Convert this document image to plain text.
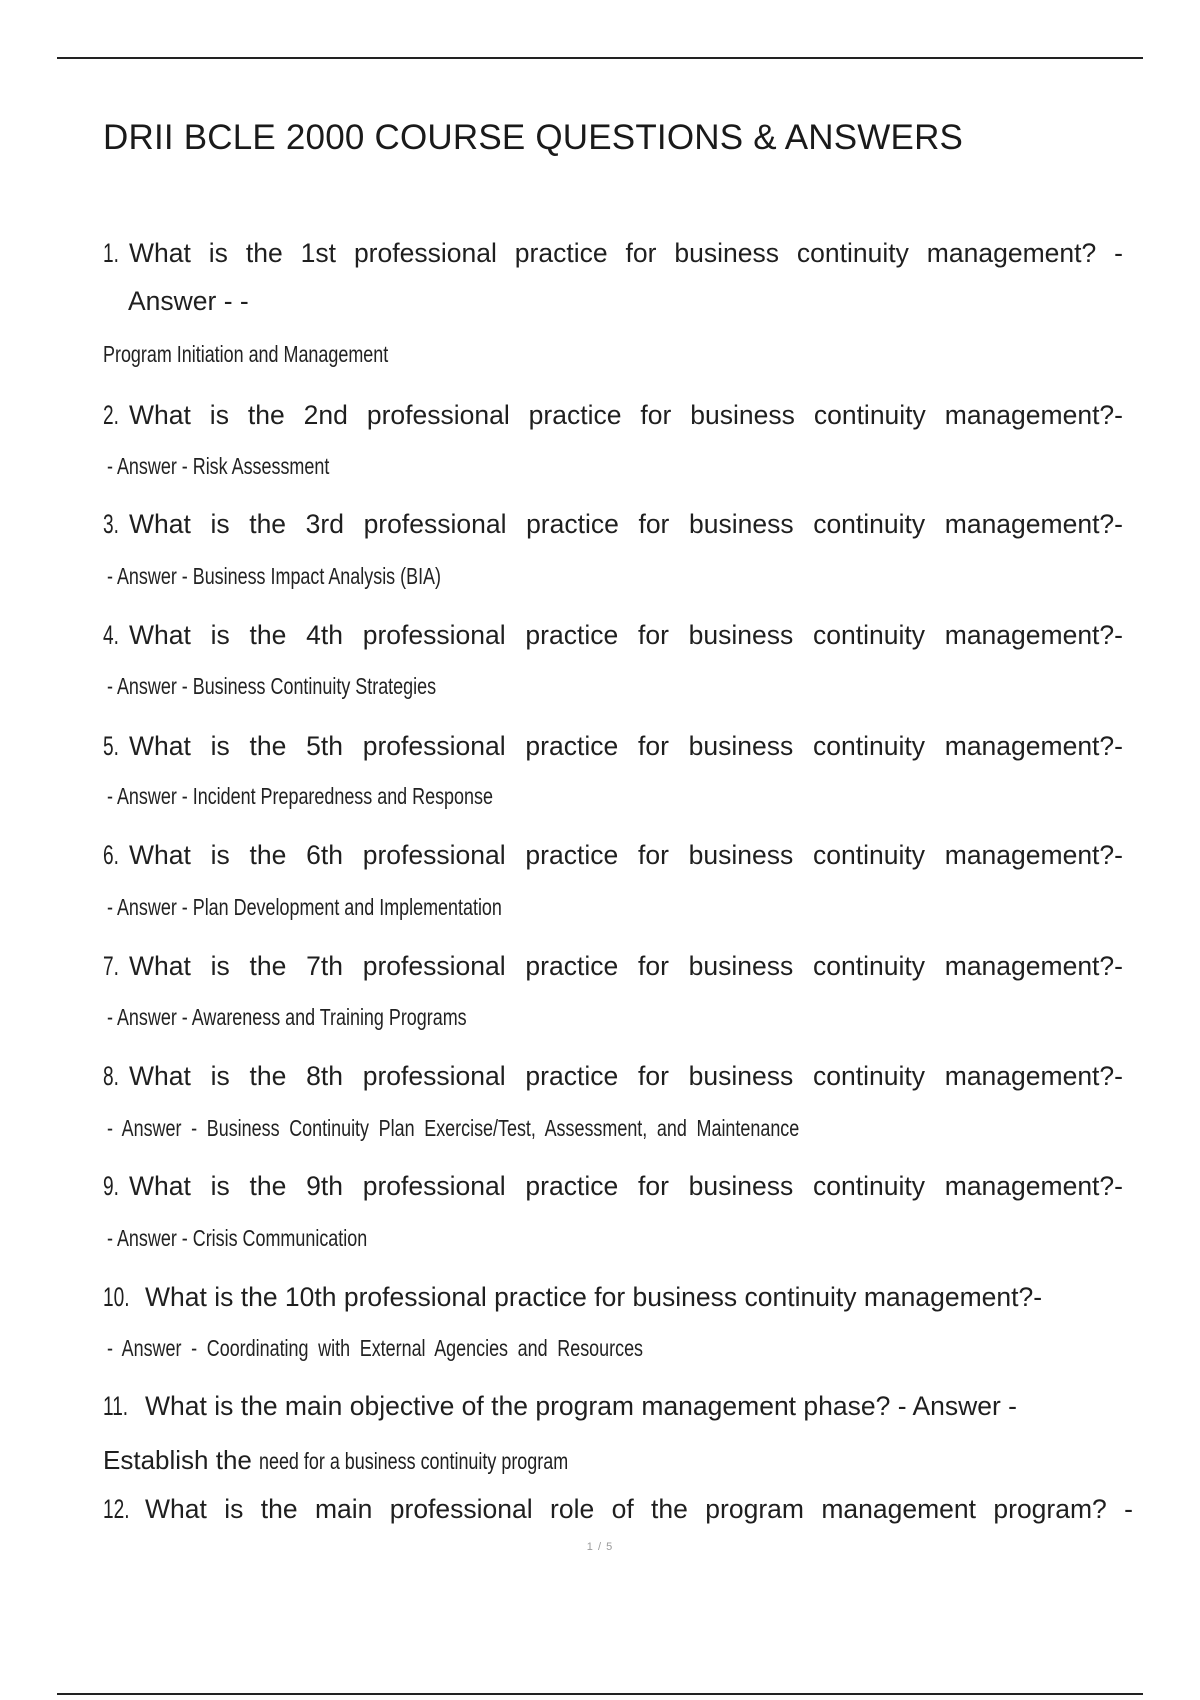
DRII BCLE 2000 COURSE QUESTIONS & ANSWERS
1. What is the 1st professional practice for business continuity management? -
Answer - -
Program Initiation and Management
2. What is the 2nd professional practice for business continuity management?-
- Answer - Risk Assessment
3. What is the 3rd professional practice for business continuity management?-
- Answer - Business Impact Analysis (BIA)
4. What is the 4th professional practice for business continuity management?-
- Answer - Business Continuity Strategies
5. What is the 5th professional practice for business continuity management?-
- Answer - Incident Preparedness and Response
6. What is the 6th professional practice for business continuity management?-
- Answer - Plan Development and Implementation
7. What is the 7th professional practice for business continuity management?-
- Answer - Awareness and Training Programs
8. What is the 8th professional practice for business continuity management?-
- Answer - Business Continuity Plan Exercise/Test, Assessment, and Maintenance
9. What is the 9th professional practice for business continuity management?-
- Answer - Crisis Communication
10. What is the 10th professional practice for business continuity management?-
- Answer - Coordinating with External Agencies and Resources
11. What is the main objective of the program management phase? - Answer -
Establish the need for a business continuity program
12. What is the main professional role of the program management program? -
1 / 5
